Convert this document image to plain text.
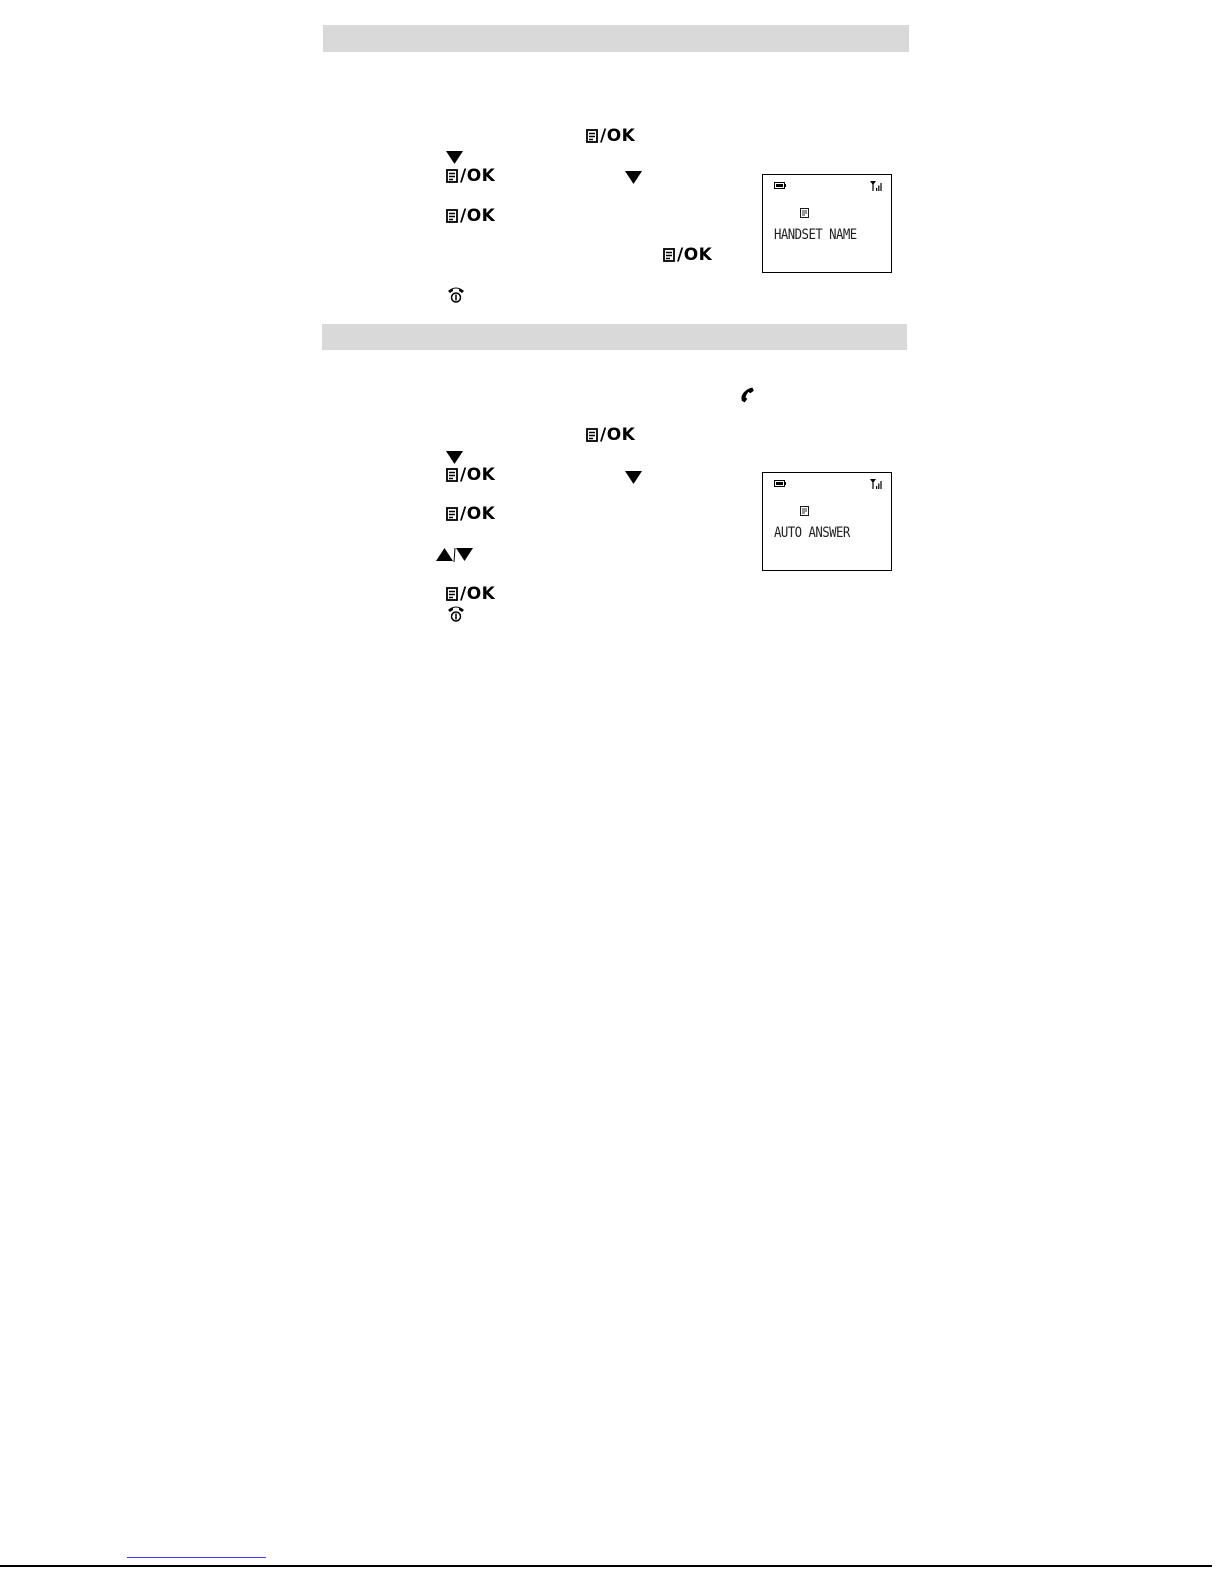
/OK
/OK
/OK
/OK
HANDSET NAME
/OK
/OK
/OK
/OK
AUTO ANSWER
